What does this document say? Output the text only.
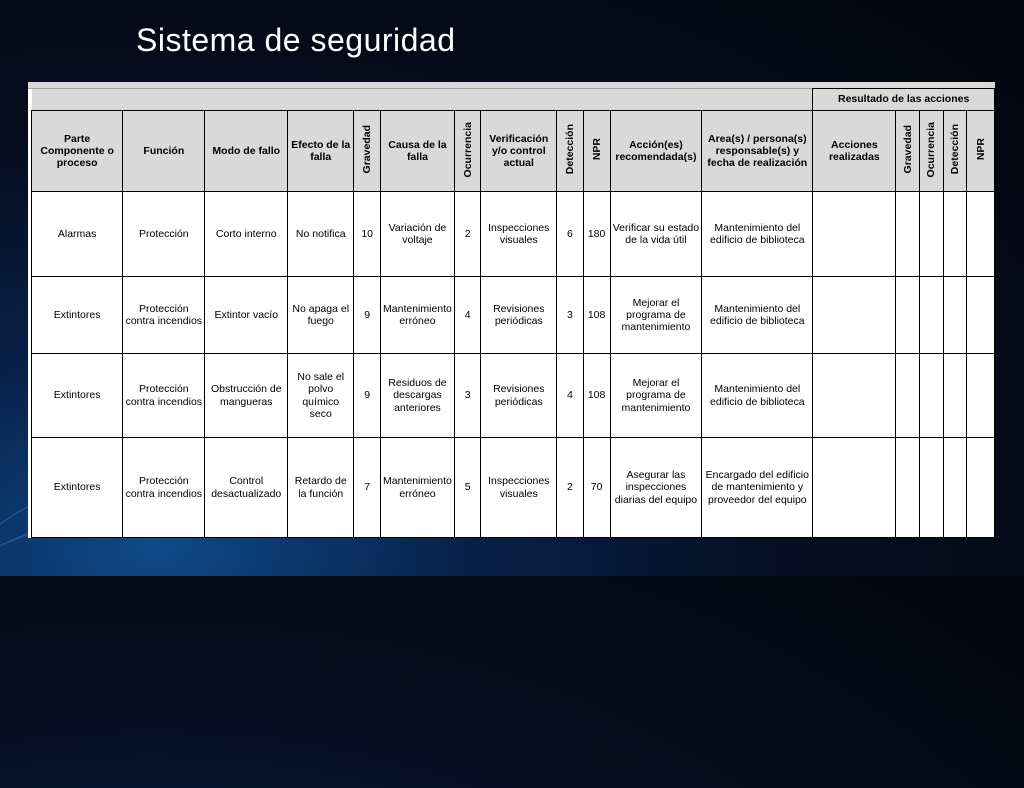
Sistema de seguridad
												Resultado de las acciones				
Parte Componente o proceso	Función	Modo de fallo	Efecto de la falla	Gravedad	Causa de la falla	Ocurrencia	Verificación y/o control actual	Detección	NPR	Acción(es) recomendada(s)	Area(s) / persona(s) responsable(s) y fecha de realización	Acciones realizadas	Gravedad	Ocurrencia	Detección	NPR
Alarmas	Protección	Corto interno	No notifica	10	Variación de voltaje	2	Inspecciones visuales	6	180	Verificar su estado de la vida útil	Mantenimiento del edificio de biblioteca					
Extintores	Protección contra incendios	Extintor vacío	No apaga el fuego	9	Mantenimiento erróneo	4	Revisiones periódicas	3	108	Mejorar el programa de mantenimiento	Mantenimiento del edificio de biblioteca					
Extintores	Protección contra incendios	Obstrucción de mangueras	No sale el polvo químico seco	9	Residuos de descargas anteriores	3	Revisiones periódicas	4	108	Mejorar el programa de mantenimiento	Mantenimiento del edificio de biblioteca					
Extintores	Protección contra incendios	Control desactualizado	Retardo de la función	7	Mantenimiento erróneo	5	Inspecciones visuales	2	70	Asegurar las inspecciones diarias del equipo	Encargado del edificio de mantenimiento y proveedor del equipo					
